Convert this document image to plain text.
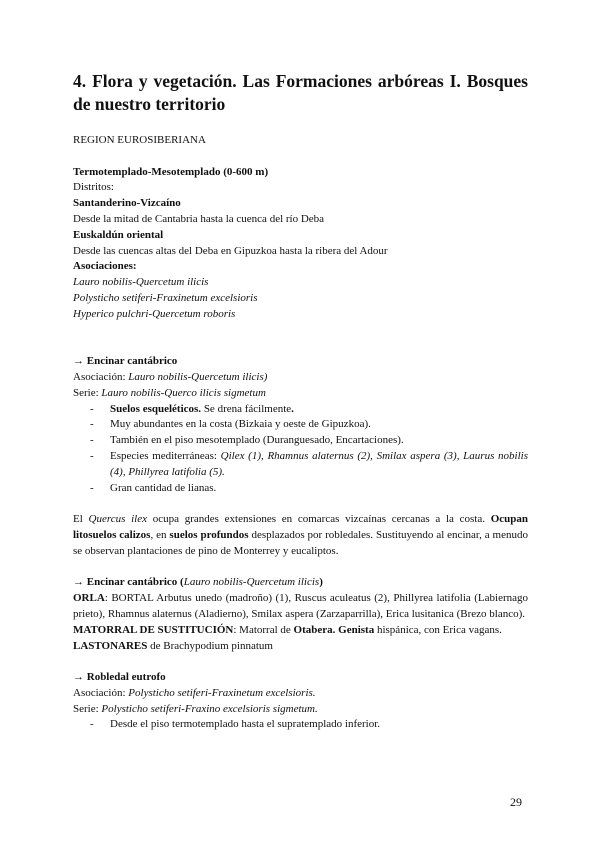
4. Flora y vegetación. Las Formaciones arbóreas I. Bosques de nuestro territorio

REGION EUROSIBERIANA

Termotemplado-Mesotemplado (0-600 m)

Distritos:

Santanderino-Vizcaíno

Desde la mitad de Cantabria hasta la cuenca del río Deba

Euskaldún oriental

Desde las cuencas altas del Deba en Gipuzkoa hasta la ribera del Adour

Asociaciones:

Lauro nobilis-Quercetum ilicis

Polysticho setiferi-Fraxinetum excelsioris

Hyperico pulchri-Quercetum roboris

→ Encinar cantábrico

Asociación: Lauro nobilis-Quercetum ilicis)

Serie: Lauro nobilis-Querco ilicis sigmetum

- Suelos esqueléticos. Se drena fácilmente.
- Muy abundantes en la costa (Bizkaia y oeste de Gipuzkoa).
- También en el piso mesotemplado (Duranguesado, Encartaciones).
- Especies mediterráneas: Qilex (1), Rhamnus alaternus (2), Smilax aspera (3), Laurus nobilis (4), Phillyrea latifolia (5).
- Gran cantidad de lianas.

El Quercus ilex ocupa grandes extensiones en comarcas vizcaínas cercanas a la costa. Ocupan litosuelos calizos, en suelos profundos desplazados por robledales. Sustituyendo al encinar, a menudo se observan plantaciones de pino de Monterrey y eucaliptos.

→ Encinar cantábrico (Lauro nobilis-Quercetum ilicis)

ORLA: BORTAL Arbutus unedo (madroño) (1), Ruscus aculeatus (2), Phillyrea latifolia (Labiernago prieto), Rhamnus alaternus (Aladierno), Smilax aspera (Zarzaparrilla), Erica lusitanica (Brezo blanco).

MATORRAL DE SUSTITUCIÓN: Matorral de Otabera. Genista hispánica, con Erica vagans.

LASTONARES de Brachypodium pinnatum

→ Robledal eutrofo

Asociación: Polysticho setiferi-Fraxinetum excelsioris.

Serie: Polysticho setiferi-Fraxino excelsioris sigmetum.

- Desde el piso termotemplado hasta el supratemplado inferior.
29
